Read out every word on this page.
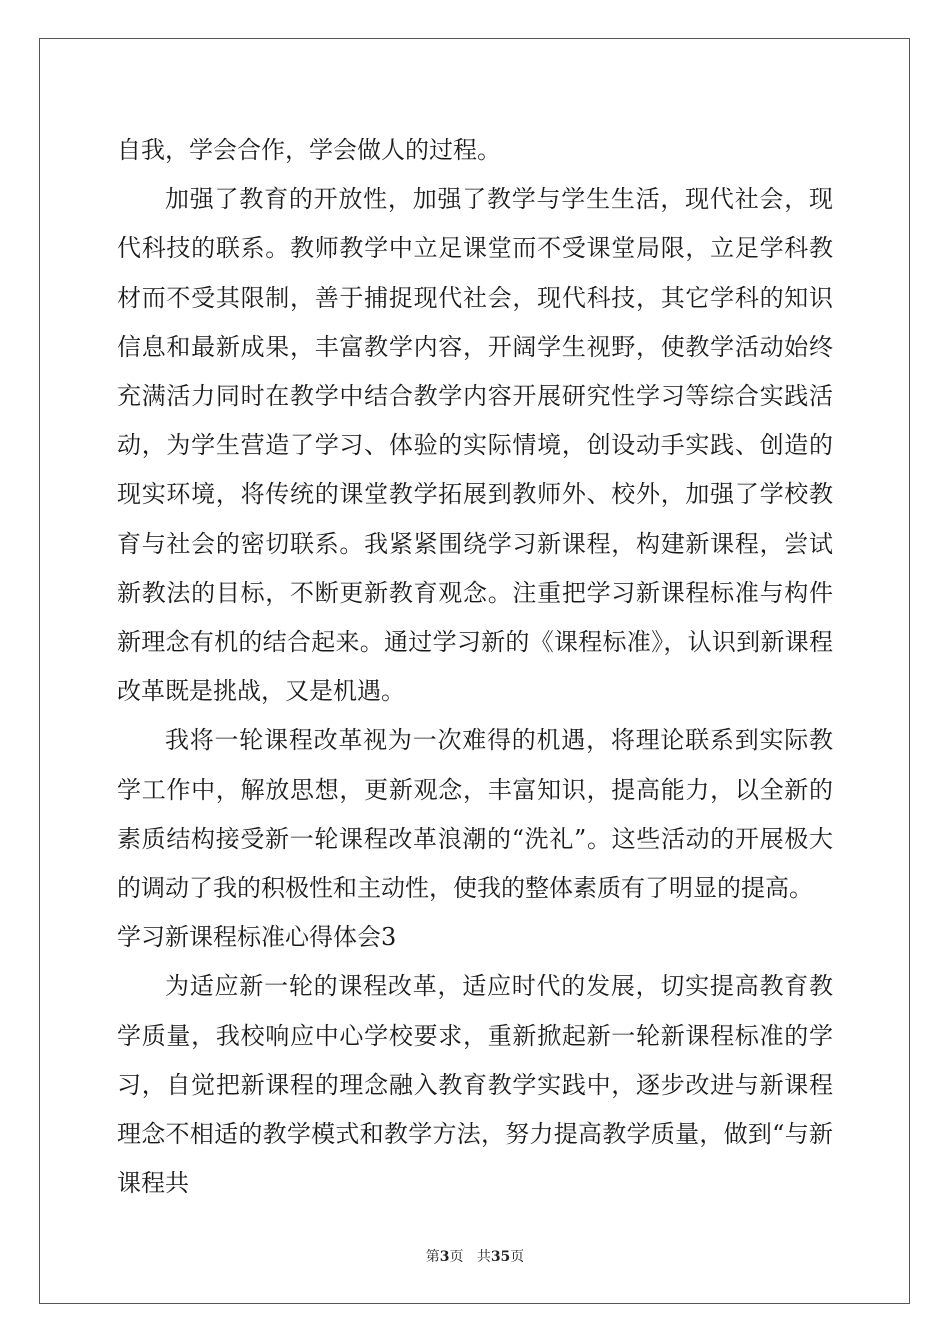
自我，学会合作，学会做人的过程。

加强了教育的开放性，加强了教学与学生生活，现代社会，现代科技的联系。教师教学中立足课堂而不受课堂局限，立足学科教材而不受其限制，善于捕捉现代社会，现代科技，其它学科的知识信息和最新成果，丰富教学内容，开阔学生视野，使教学活动始终充满活力同时在教学中结合教学内容开展研究性学习等综合实践活动，为学生营造了学习、体验的实际情境，创设动手实践、创造的现实环境，将传统的课堂教学拓展到教师外、校外，加强了学校教育与社会的密切联系。我紧紧围绕学习新课程，构建新课程，尝试新教法的目标，不断更新教育观念。注重把学习新课程标准与构件新理念有机的结合起来。通过学习新的《课程标准》，认识到新课程改革既是挑战，又是机遇。

我将一轮课程改革视为一次难得的机遇，将理论联系到实际教学工作中，解放思想，更新观念，丰富知识，提高能力，以全新的素质结构接受新一轮课程改革浪潮的“洗礼”。这些活动的开展极大的调动了我的积极性和主动性，使我的整体素质有了明显的提高。

学习新课程标准心得体会3

为适应新一轮的课程改革，适应时代的发展，切实提高教育教学质量，我校响应中心学校要求，重新掀起新一轮新课程标准的学习，自觉把新课程的理念融入教育教学实践中，逐步改进与新课程理念不相适的教学模式和教学方法，努力提高教学质量，做到“与新课程共

第3页 共35页
